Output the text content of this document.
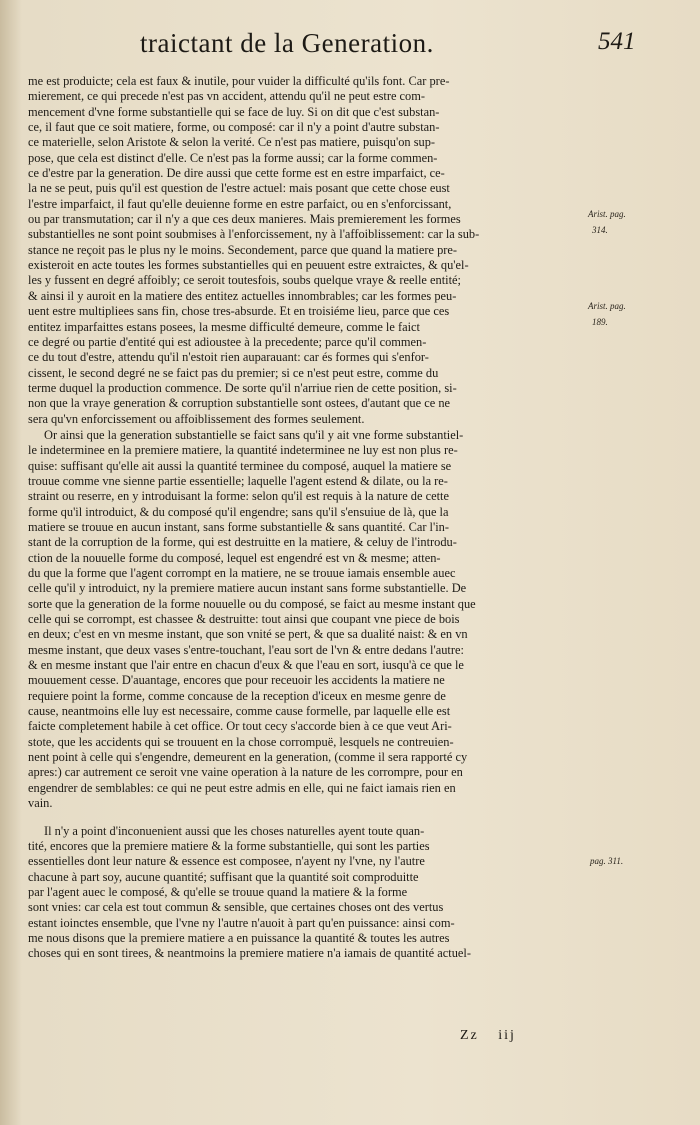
traictant de la Generation.	541
me est produicte; cela est faux & inutile, pour vuider la difficulté qu'ils font. Car pre-
mierement, ce qui precede n'est pas vn accident, attendu qu'il ne peut estre com-
mencement d'vne forme substantielle qui se face de luy. Si on dit que c'est substan-
ce, il faut que ce soit matiere, forme, ou composé: car il n'y a point d'autre substan-
ce materielle, selon Aristote & selon la verité. Ce n'est pas matiere, puisqu'on sup-
pose, que cela est distinct d'elle. Ce n'est pas la forme aussi; car la forme commen-
ce d'estre par la generation. De dire aussi que cette forme est en estre imparfaict, ce-
la ne se peut, puis qu'il est question de l'estre actuel: mais posant que cette chose eust
l'estre imparfaict, il faut qu'elle deuienne forme en estre parfaict, ou en s'enforcissant,
ou par transmutation; car il n'y a que ces deux manieres. Mais premierement les formes
substantielles ne sont point soubmises à l'enforcissement, ny à l'affoiblissement: car la sub-
stance ne reçoit pas le plus ny le moins. Secondement, parce que quand la matiere pre-
existeroit en acte toutes les formes substantielles qui en peuuent estre extraictes, & qu'el-
les y fussent en degré affoibly; ce seroit toutesfois, soubs quelque vraye & reelle entité;
& ainsi il y auroit en la matiere des entitez actuelles innombrables; car les formes peu-
uent estre multipliees sans fin, chose tres-absurde. Et en troisiéme lieu, parce que ces
entitez imparfaittes estans posees, la mesme difficulté demeure, comme le faict
ce degré ou partie d'entité qui est adioustee à la precedente; parce qu'il commen-
ce du tout d'estre, attendu qu'il n'estoit rien auparauant: car és formes qui s'enfor-
cissent, le second degré ne se faict pas du premier; si ce n'est peut estre, comme du
terme duquel la production commence. De sorte qu'il n'arriue rien de cette position, si-
non que la vraye generation & corruption substantielle sont ostees, d'autant que ce ne
sera qu'vn enforcissement ou affoiblissement des formes seulement.
Or ainsi que la generation substantielle se faict sans qu'il y ait vne forme substantiel-
le indeterminee en la premiere matiere, la quantité indeterminee ne luy est non plus re-
quise: suffisant qu'elle ait aussi la quantité terminee du composé, auquel la matiere se
trouue comme vne sienne partie essentielle; laquelle l'agent estend & dilate, ou la re-
straint ou reserre, en y introduisant la forme: selon qu'il est requis à la nature de cette
forme qu'il introduict, & du composé qu'il engendre; sans qu'il s'ensuiue de là, que la
matiere se trouue en aucun instant, sans forme substantielle & sans quantité. Car l'in-
stant de la corruption de la forme, qui est destruitte en la matiere, & celuy de l'introdu-
ction de la nouuelle forme du composé, lequel est engendré est vn & mesme; atten-
du que la forme que l'agent corrompt en la matiere, ne se trouue iamais ensemble auec
celle qu'il y introduict, ny la premiere matiere aucun instant sans forme substantielle. De
sorte que la generation de la forme nouuelle ou du composé, se faict au mesme instant que
celle qui se corrompt, est chassee & destruitte: tout ainsi que coupant vne piece de bois
en deux; c'est en vn mesme instant, que son vnité se pert, & que sa dualité naist: & en vn
mesme instant, que deux vases s'entre-touchant, l'eau sort de l'vn & entre dedans l'autre:
& en mesme instant que l'air entre en chacun d'eux & que l'eau en sort, iusqu'à ce que le
mouuement cesse. D'auantage, encores que pour receuoir les accidents la matiere ne
requiere point la forme, comme concause de la reception d'iceux en mesme genre de
cause, neantmoins elle luy est necessaire, comme cause formelle, par laquelle elle est
faicte completement habile à cet office. Or tout cecy s'accorde bien à ce que veut Ari-
stote, que les accidents qui se trouuent en la chose corrompuë, lesquels ne contreuien-
nent point à celle qui s'engendre, demeurent en la generation, (comme il sera rapporté cy
apres:) car autrement ce seroit vne vaine operation à la nature de les corrompre, pour en
engendrer de semblables: ce qui ne peut estre admis en elle, qui ne faict iamais rien en
vain.
Il n'y a point d'inconuenient aussi que les choses naturelles ayent toute quan-
tité, encores que la premiere matiere & la forme substantielle, qui sont les parties
essentielles dont leur nature & essence est composee, n'ayent ny l'vne, ny l'autre
chacune à part soy, aucune quantité; suffisant que la quantité soit comproduitte
par l'agent auec le composé, & qu'elle se trouue quand la matiere & la forme
sont vnies: car cela est tout commun & sensible, que certaines choses ont des vertus
estant ioinctes ensemble, que l'vne ny l'autre n'auoit à part qu'en puissance: ainsi com-
me nous disons que la premiere matiere a en puissance la quantité & toutes les autres
choses qui en sont tirees, & neantmoins la premiere matiere n'a iamais de quantité actuel-
Arist. pag.
314.
Arist. pag.
189.
pag. 311.
Zz iij
